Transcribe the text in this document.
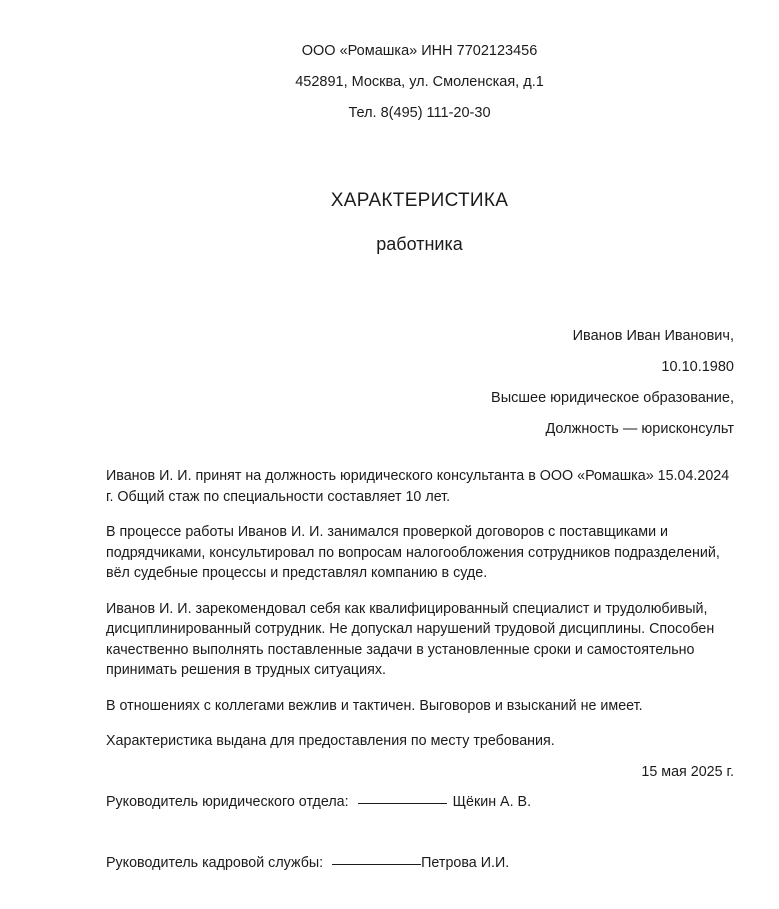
ООО «Ромашка» ИНН 7702123456
452891, Москва, ул. Смоленская, д.1
Тел. 8(495) 111-20-30
ХАРАКТЕРИСТИКА
работника
Иванов Иван Иванович,
10.10.1980
Высшее юридическое образование,
Должность — юрисконсульт

Иванов И. И. принят на должность юридического консультанта в ООО «Ромашка» 15.04.2024 г. Общий стаж по специальности составляет 10 лет.

В процессе работы Иванов И. И. занимался проверкой договоров с поставщиками и подрядчиками, консультировал по вопросам налогообложения сотрудников подразделений, вёл судебные процессы и представлял компанию в суде.

Иванов И. И. зарекомендовал себя как квалифицированный специалист и трудолюбивый, дисциплинированный сотрудник. Не допускал нарушений трудовой дисциплины. Способен качественно выполнять поставленные задачи в установленные сроки и самостоятельно принимать решения в трудных ситуациях.

В отношениях с коллегами вежлив и тактичен. Выговоров и взысканий не имеет.

Характеристика выдана для предоставления по месту требования.

15 мая 2025 г.
Руководитель юридического отдела:	Щёкин А. В.
Руководитель кадровой службы:	Петрова И.И.
